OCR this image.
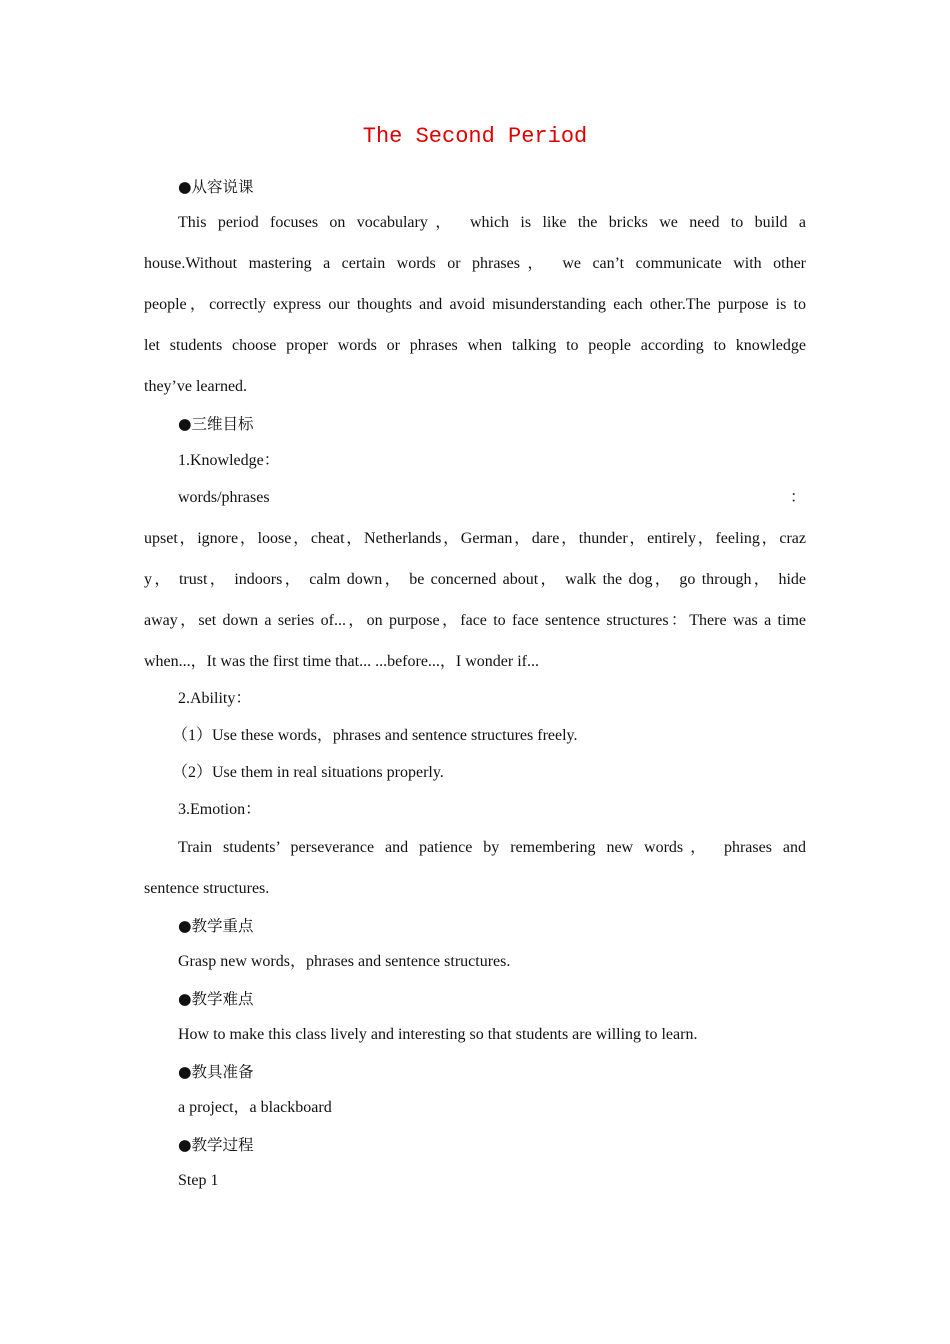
The Second Period
●从容说课
This period focuses on vocabulary， which is like the bricks we need to build a
house.Without mastering a certain words or phrases， we can’t communicate with other
people，correctly express our thoughts and avoid misunderstanding each other.The purpose is to
let students choose proper words or phrases when talking to people according to knowledge
they’ve learned.
●三维目标
1.Knowledge：
words/phrases	：
upset，ignore，loose，cheat，Netherlands，German，dare，thunder，entirely，feeling，craz
y， trust， indoors， calm down， be concerned about， walk the dog， go through， hide
away，set down a series of...，on purpose，face to face sentence structures：There was a time
when...，It was the first time that... ...before...，I wonder if...
2.Ability：
（1）Use these words，phrases and sentence structures freely.
（2）Use them in real situations properly.
3.Emotion：
Train students’ perseverance and patience by remembering new words， phrases and
sentence structures.
●教学重点
Grasp new words，phrases and sentence structures.
●教学难点
How to make this class lively and interesting so that students are willing to learn.
●教具准备
a project，a blackboard
●教学过程
Step 1
